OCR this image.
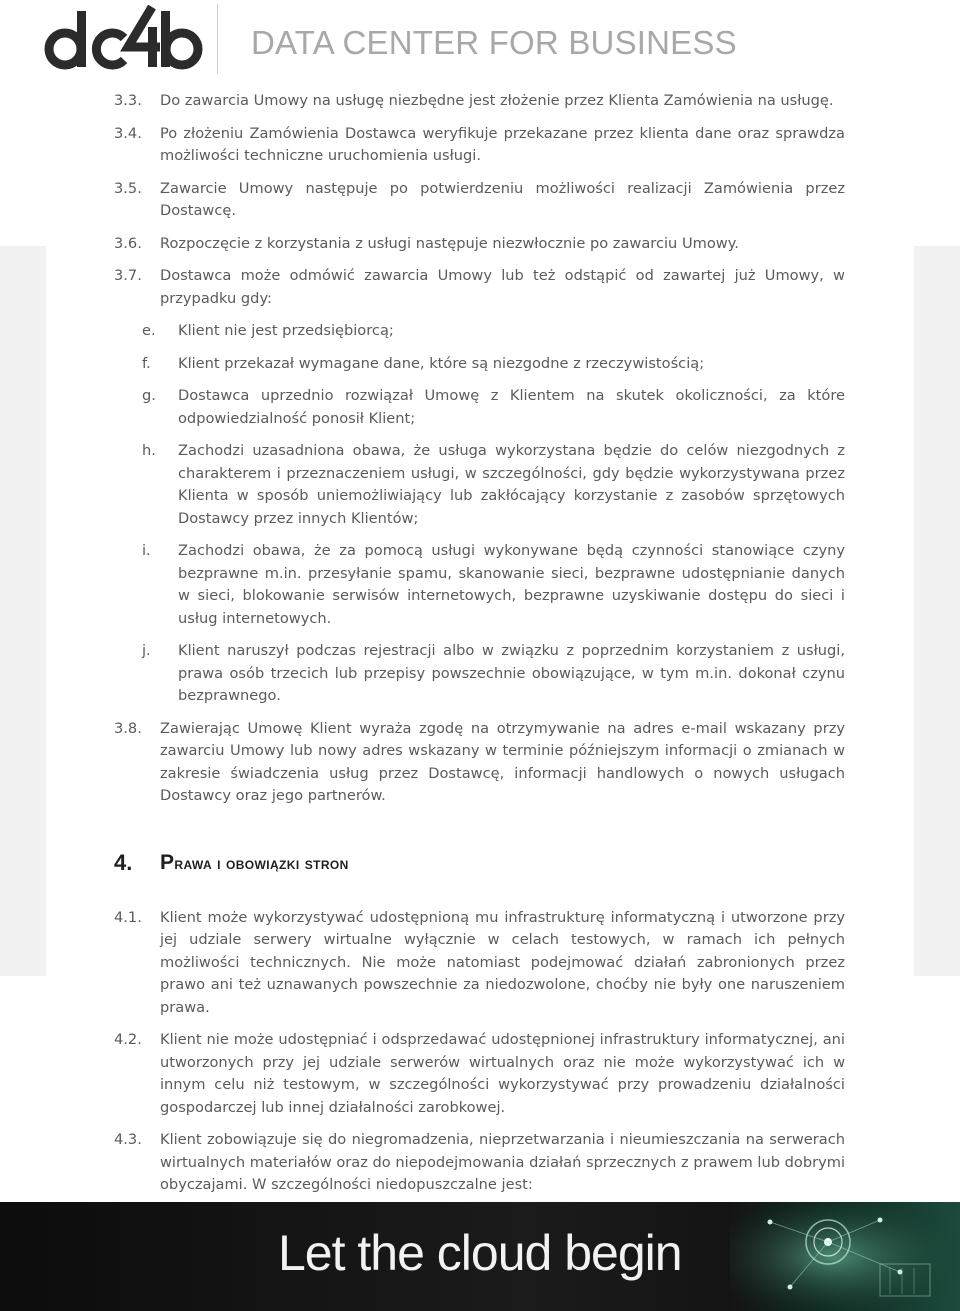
DATA CENTER FOR BUSINESS
3.3.	Do zawarcia Umowy na usługę niezbędne jest złożenie przez Klienta Zamówienia na usługę.
3.4.	Po złożeniu Zamówienia Dostawca weryfikuje przekazane przez klienta dane oraz sprawdza możliwości techniczne uruchomienia usługi.
3.5.	Zawarcie Umowy następuje po potwierdzeniu możliwości realizacji Zamówienia przez Dostawcę.
3.6.	Rozpoczęcie z korzystania z usługi następuje niezwłocznie po zawarciu Umowy.
3.7.	Dostawca może odmówić zawarcia Umowy lub też odstąpić od zawartej już Umowy, w przypadku gdy:
e.	Klient nie jest przedsiębiorcą;
f.	Klient przekazał wymagane dane, które są niezgodne z rzeczywistością;
g.	Dostawca uprzednio rozwiązał Umowę z Klientem na skutek okoliczności, za które odpowiedzialność ponosił Klient;
h.	Zachodzi uzasadniona obawa, że usługa wykorzystana będzie do celów niezgodnych z charakterem i przeznaczeniem usługi, w szczególności, gdy będzie wykorzystywana przez Klienta w sposób uniemożliwiający lub zakłócający korzystanie z zasobów sprzętowych Dostawcy przez innych Klientów;
i.	Zachodzi obawa, że za pomocą usługi wykonywane będą czynności stanowiące czyny bezprawne m.in. przesyłanie spamu, skanowanie sieci, bezprawne udostępnianie danych w sieci, blokowanie serwisów internetowych, bezprawne uzyskiwanie dostępu do sieci i usług internetowych.
j.	Klient naruszył podczas rejestracji albo w związku z poprzednim korzystaniem z usługi, prawa osób trzecich lub przepisy powszechnie obowiązujące, w tym m.in. dokonał czynu bezprawnego.
3.8.	Zawierając Umowę Klient wyraża zgodę na otrzymywanie na adres e-mail wskazany przy zawarciu Umowy lub nowy adres wskazany w terminie późniejszym informacji o zmianach w zakresie świadczenia usług przez Dostawcę, informacji handlowych o nowych usługach Dostawcy oraz jego partnerów.
4.	Prawa i obowiązki stron
4.1.	Klient może wykorzystywać udostępnioną mu infrastrukturę informatyczną i utworzone przy jej udziale serwery wirtualne wyłącznie w celach testowych, w ramach ich pełnych możliwości technicznych. Nie może natomiast podejmować działań zabronionych przez prawo ani też uznawanych powszechnie za niedozwolone, choćby nie były one naruszeniem prawa.
4.2.	Klient nie może udostępniać i odsprzedawać udostępnionej infrastruktury informatycznej, ani utworzonych przy jej udziale serwerów wirtualnych oraz nie może wykorzystywać ich w innym celu niż testowym, w szczególności wykorzystywać przy prowadzeniu działalności gospodarczej lub innej działalności zarobkowej.
4.3.	Klient zobowiązuje się do niegromadzenia, nieprzetwarzania i nieumieszczania na serwerach wirtualnych materiałów oraz do niepodejmowania działań sprzecznych z prawem lub dobrymi obyczajami. W szczególności niedopuszczalne jest:
Let the cloud begin
